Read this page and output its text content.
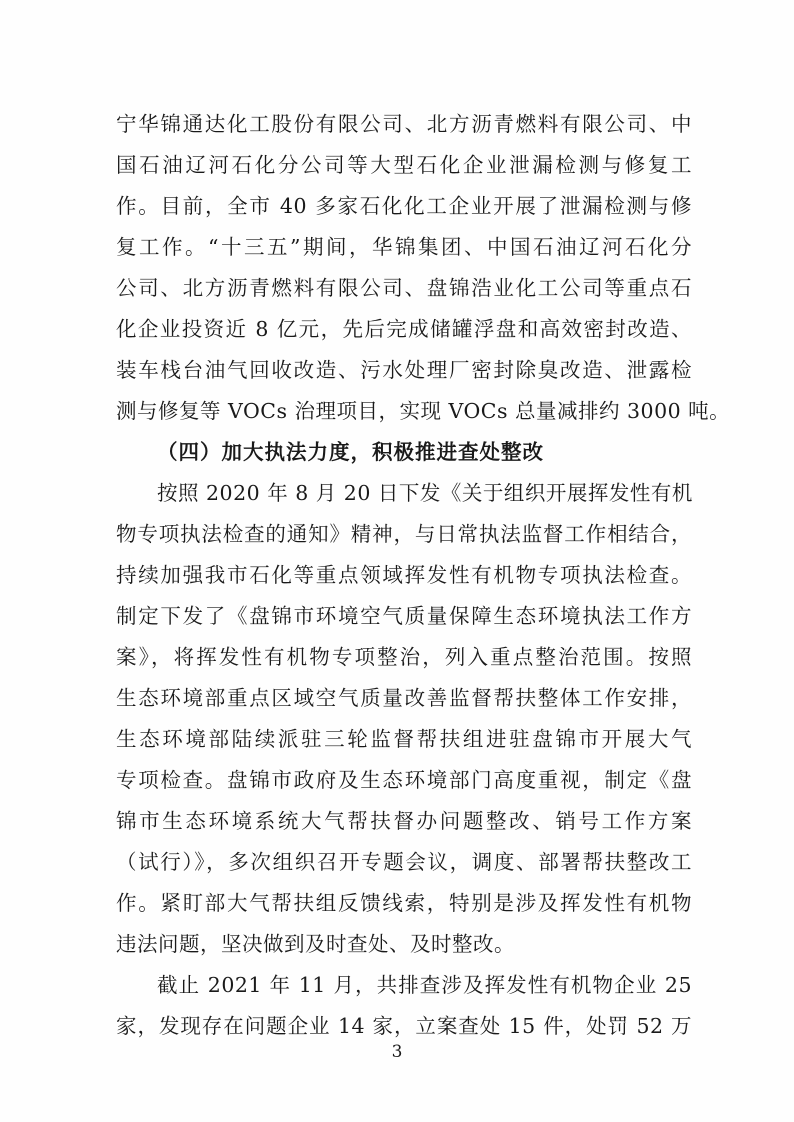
宁华锦通达化工股份有限公司、北方沥青燃料有限公司、中
国石油辽河石化分公司等大型石化企业泄漏检测与修复工
作。目前，全市 40 多家石化化工企业开展了泄漏检测与修
复工作。“十三五”期间，华锦集团、中国石油辽河石化分
公司、北方沥青燃料有限公司、盘锦浩业化工公司等重点石
化企业投资近 8 亿元，先后完成储罐浮盘和高效密封改造、
装车栈台油气回收改造、污水处理厂密封除臭改造、泄露检
测与修复等 VOCs 治理项目，实现 VOCs 总量减排约 3000 吨。
（四）加大执法力度，积极推进查处整改
按照 2020 年 8 月 20 日下发《关于组织开展挥发性有机
物专项执法检查的通知》精神，与日常执法监督工作相结合，
持续加强我市石化等重点领域挥发性有机物专项执法检查。
制定下发了《盘锦市环境空气质量保障生态环境执法工作方
案》，将挥发性有机物专项整治，列入重点整治范围。按照
生态环境部重点区域空气质量改善监督帮扶整体工作安排，
生态环境部陆续派驻三轮监督帮扶组进驻盘锦市开展大气
专项检查。盘锦市政府及生态环境部门高度重视，制定《盘
锦市生态环境系统大气帮扶督办问题整改、销号工作方案
（试行）》，多次组织召开专题会议，调度、部署帮扶整改工
作。紧盯部大气帮扶组反馈线索，特别是涉及挥发性有机物
违法问题，坚决做到及时查处、及时整改。
截止 2021 年 11 月，共排查涉及挥发性有机物企业 25
家，发现存在问题企业 14 家，立案查处 15 件，处罚 52 万
3
